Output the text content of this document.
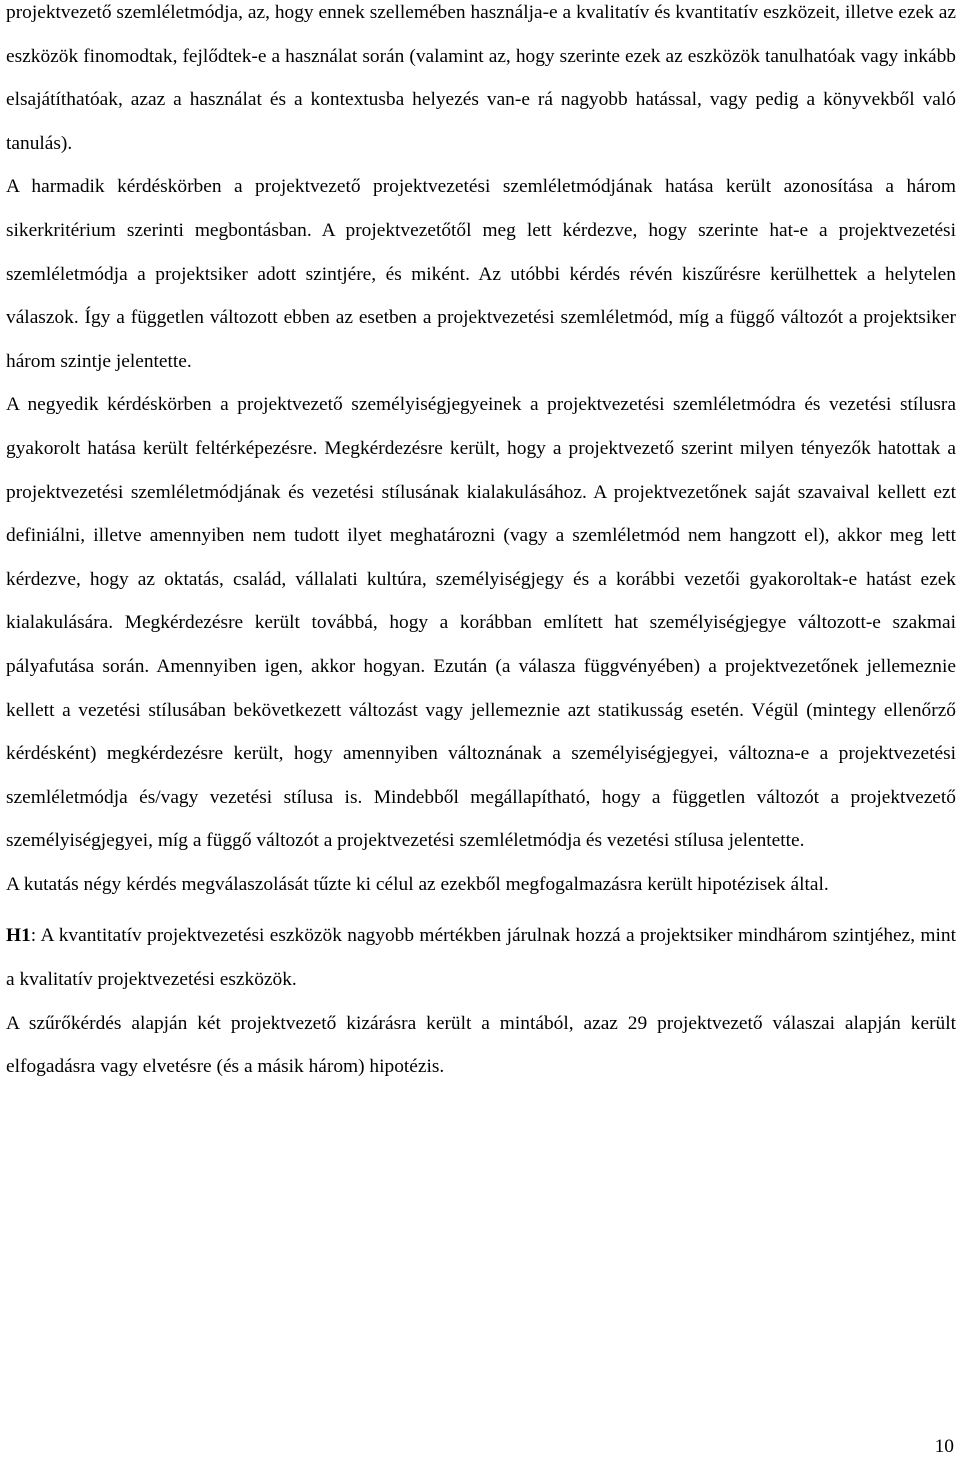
projektvezető szemléletmódja, az, hogy ennek szellemében használja-e a kvalitatív és kvantitatív eszközeit, illetve ezek az eszközök finomodtak, fejlődtek-e a használat során (valamint az, hogy szerinte ezek az eszközök tanulhatóak vagy inkább elsajátíthatóak, azaz a használat és a kontextusba helyezés van-e rá nagyobb hatással, vagy pedig a könyvekből való tanulás).

A harmadik kérdéskörben a projektvezető projektvezetési szemléletmódjának hatása került azonosítása a három sikerkritérium szerinti megbontásban. A projektvezetőtől meg lett kérdezve, hogy szerinte hat-e a projektvezetési szemléletmódja a projektsiker adott szintjére, és miként. Az utóbbi kérdés révén kiszűrésre kerülhettek a helytelen válaszok. Így a független változott ebben az esetben a projektvezetési szemléletmód, míg a függő változót a projektsiker három szintje jelentette.

A negyedik kérdéskörben a projektvezető személyiségjegyeinek a projektvezetési szemléletmódra és vezetési stílusra gyakorolt hatása került feltérképezésre. Megkérdezésre került, hogy a projektvezető szerint milyen tényezők hatottak a projektvezetési szemléletmódjának és vezetési stílusának kialakulásához. A projektvezetőnek saját szavaival kellett ezt definiálni, illetve amennyiben nem tudott ilyet meghatározni (vagy a szemléletmód nem hangzott el), akkor meg lett kérdezve, hogy az oktatás, család, vállalati kultúra, személyiségjegy és a korábbi vezetői gyakoroltak-e hatást ezek kialakulására. Megkérdezésre került továbbá, hogy a korábban említett hat személyiségjegye változott-e szakmai pályafutása során. Amennyiben igen, akkor hogyan. Ezután (a válasza függvényében) a projektvezetőnek jellemeznie kellett a vezetési stílusában bekövetkezett változást vagy jellemeznie azt statikusság esetén. Végül (mintegy ellenőrző kérdésként) megkérdezésre került, hogy amennyiben változnának a személyiségjegyei, változna-e a projektvezetési szemléletmódja és/vagy vezetési stílusa is. Mindebből megállapítható, hogy a független változót a projektvezető személyiségjegyei, míg a függő változót a projektvezetési szemléletmódja és vezetési stílusa jelentette.

A kutatás négy kérdés megválaszolását tűzte ki célul az ezekből megfogalmazásra került hipotézisek által.

H1: A kvantitatív projektvezetési eszközök nagyobb mértékben járulnak hozzá a projektsiker mindhárom szintjéhez, mint a kvalitatív projektvezetési eszközök.

A szűrőkérdés alapján két projektvezető kizárásra került a mintából, azaz 29 projektvezető válaszai alapján került elfogadásra vagy elvetésre (és a másik három) hipotézis.

10
